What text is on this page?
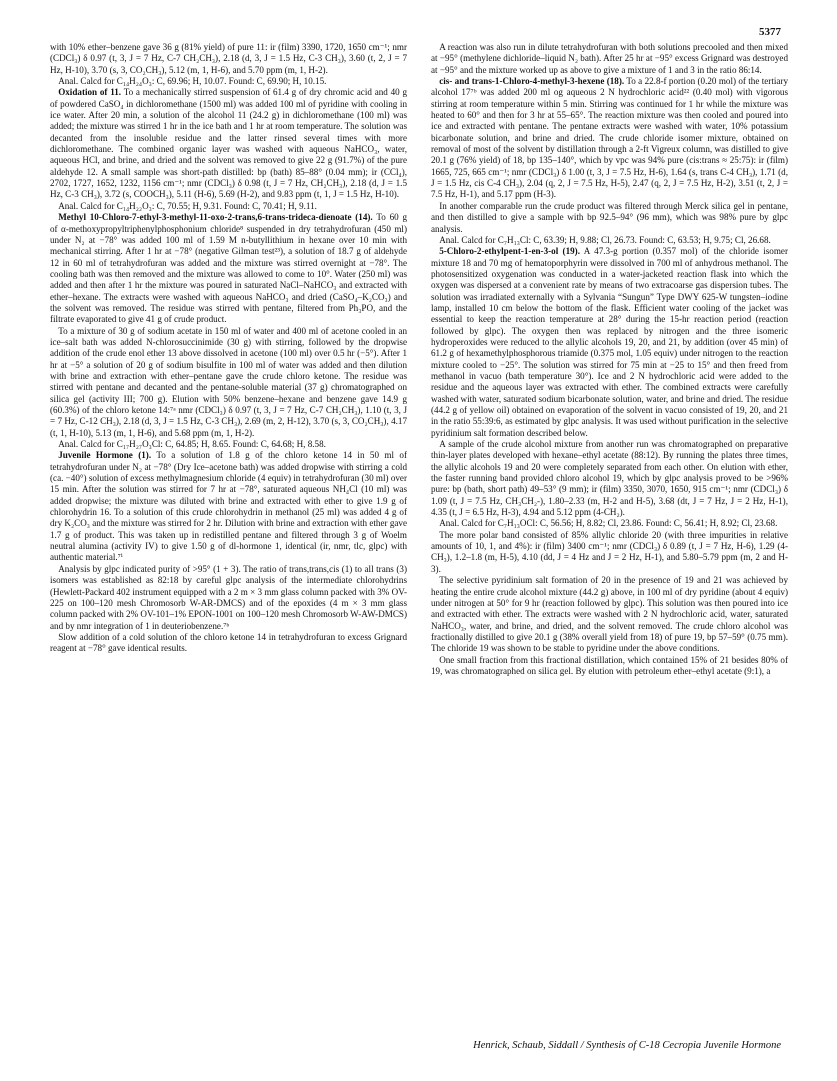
5377

with 10% ether–benzene gave 36 g (81% yield) of pure 11: ir (film) 3390, 1720, 1650 cm⁻¹; nmr (CDCl₃) δ 0.97 (t, 3, J = 7 Hz, C-7 CH₂CH₃), 2.18 (d, 3, J = 1.5 Hz, C-3 CH₃), 3.60 (t, 2, J = 7 Hz, H-10), 3.70 (s, 3, CO₂CH₃), 5.12 (m, 1, H-6), and 5.70 ppm (m, 1, H-2).

Anal. Calcd for C₁₄H₂₄O₃: C, 69.96; H, 10.07. Found: C, 69.90; H, 10.15.

Oxidation of 11. To a mechanically stirred suspension of 61.4 g of dry chromic acid and 40 g of powdered CaSO₄ in dichloromethane (1500 ml) was added 100 ml of pyridine with cooling in ice water. After 20 min, a solution of the alcohol 11 (24.2 g) in dichloromethane (100 ml) was added; the mixture was stirred 1 hr in the ice bath and 1 hr at room temperature. The solution was decanted from the insoluble residue and the latter rinsed several times with more dichloromethane. The combined organic layer was washed with aqueous NaHCO₃, water, aqueous HCl, and brine, and dried and the solvent was removed to give 22 g (91.7%) of the pure aldehyde 12. A small sample was short-path distilled: bp (bath) 85–88° (0.04 mm); ir (CCl₄), 2702, 1727, 1652, 1232, 1156 cm⁻¹; nmr (CDCl₃) δ 0.98 (t, J = 7 Hz, CH₂CH₃), 2.18 (d, J = 1.5 Hz, C-3 CH₃), 3.72 (s, COOCH₃), 5.11 (H-6), 5.69 (H-2), and 9.83 ppm (t, 1, J = 1.5 Hz, H-10).

Anal. Calcd for C₁₄H₂₂O₃: C, 70.55; H, 9.31. Found: C, 70.41; H, 9.11.

Methyl 10-Chloro-7-ethyl-3-methyl-11-oxo-2-trans,6-trans-trideca-dienoate (14). To 60 g of α-methoxypropyltriphenylphosphonium chloride⁸ suspended in dry tetrahydrofuran (450 ml) under N₂ at −78° was added 100 ml of 1.59 M n-butyllithium in hexane over 10 min with mechanical stirring. After 1 hr at −78° (negative Gilman test²³), a solution of 18.7 g of aldehyde 12 in 60 ml of tetrahydrofuran was added and the mixture was stirred overnight at −78°. The cooling bath was then removed and the mixture was allowed to come to 10°. Water (250 ml) was added and then after 1 hr the mixture was poured in saturated NaCl–NaHCO₃ and extracted with ether–hexane. The extracts were washed with aqueous NaHCO₃ and dried (CaSO₄–K₂CO₃) and the solvent was removed. The residue was stirred with pentane, filtered from Ph₃PO, and the filtrate evaporated to give 41 g of crude product.

To a mixture of 30 g of sodium acetate in 150 ml of water and 400 ml of acetone cooled in an ice–salt bath was added N-chlorosuccinimide (30 g) with stirring, followed by the dropwise addition of the crude enol ether 13 above dissolved in acetone (100 ml) over 0.5 hr (−5°). After 1 hr at −5° a solution of 20 g of sodium bisulfite in 100 ml of water was added and then dilution with brine and extraction with ether–pentane gave the crude chloro ketone. The residue was stirred with pentane and decanted and the pentane-soluble material (37 g) chromatographed on silica gel (activity III; 700 g). Elution with 50% benzene–hexane and benzene gave 14.9 g (60.3%) of the chloro ketone 14:⁷ᵃ nmr (CDCl₃) δ 0.97 (t, 3, J = 7 Hz, C-7 CH₂CH₃), 1.10 (t, 3, J = 7 Hz, C-12 CH₃), 2.18 (d, 3, J = 1.5 Hz, C-3 CH₃), 2.69 (m, 2, H-12), 3.70 (s, 3, CO₂CH₃), 4.17 (t, 1, H-10), 5.13 (m, 1, H-6), and 5.68 ppm (m, 1, H-2).

Anal. Calcd for C₁₇H₂₇O₃Cl: C, 64.85; H, 8.65. Found: C, 64.68; H, 8.58.

Juvenile Hormone (1). To a solution of 1.8 g of the chloro ketone 14 in 50 ml of tetrahydrofuran under N₂ at −78° (Dry Ice–acetone bath) was added dropwise with stirring a cold (ca. −40°) solution of excess methylmagnesium chloride (4 equiv) in tetrahydrofuran (30 ml) over 15 min. After the solution was stirred for 7 hr at −78°, saturated aqueous NH₄Cl (10 ml) was added dropwise; the mixture was diluted with brine and extracted with ether to give 1.9 g of chlorohydrin 16. To a solution of this crude chlorohydrin in methanol (25 ml) was added 4 g of dry K₂CO₃ and the mixture was stirred for 2 hr. Dilution with brine and extraction with ether gave 1.7 g of product. This was taken up in redistilled pentane and filtered through 3 g of Woelm neutral alumina (activity IV) to give 1.50 g of dl-hormone 1, identical (ir, nmr, tlc, glpc) with authentic material.⁷ⁱ

Analysis by glpc indicated purity of >95° (1 + 3). The ratio of trans,trans,cis (1) to all trans (3) isomers was established as 82:18 by careful glpc analysis of the intermediate chlorohydrins (Hewlett-Packard 402 instrument equipped with a 2 m × 3 mm glass column packed with 3% OV-225 on 100–120 mesh Chromosorb W-AR-DMCS) and of the epoxides (4 m × 3 mm glass column packed with 2% OV-101–1% EPON-1001 on 100–120 mesh Chromosorb W-AW-DMCS) and by nmr integration of 1 in deuteriobenzene.⁷ᵇ

Slow addition of a cold solution of the chloro ketone 14 in tetrahydrofuran to excess Grignard reagent at −78° gave identical results.

A reaction was also run in dilute tetrahydrofuran with both solutions precooled and then mixed at −95° (methylene dichloride–liquid N₂ bath). After 25 hr at −95° excess Grignard was destroyed at −95° and the mixture worked up as above to give a mixture of 1 and 3 in the ratio 86:14.

cis- and trans-1-Chloro-4-methyl-3-hexene (18). To a 22.8-f portion (0.20 mol) of the tertiary alcohol 17⁷ᵇ was added 200 ml og aqueous 2 N hydrochloric acid²² (0.40 mol) with vigorous stirring at room temperature within 5 min. Stirring was continued for 1 hr while the mixture was heated to 60° and then for 3 hr at 55–65°. The reaction mixture was then cooled and poured into ice and extracted with pentane. The pentane extracts were washed with water, 10% potassium bicarbonate solution, and brine and dried. The crude chloride isomer mixture, obtained on removal of most of the solvent by distillation through a 2-ft Vigreux column, was distilled to give 20.1 g (76% yield) of 18, bp 135–140°, which by vpc was 94% pure (cis:trans ≈ 25:75): ir (film) 1665, 725, 665 cm⁻¹; nmr (CDCl₃) δ 1.00 (t, 3, J = 7.5 Hz, H-6), 1.64 (s, trans C-4 CH₃), 1.71 (d, J = 1.5 Hz, cis C-4 CH₃), 2.04 (q, 2, J = 7.5 Hz, H-5), 2.47 (q, 2, J = 7.5 Hz, H-2), 3.51 (t, 2, J = 7.5 Hz, H-1), and 5.17 ppm (H-3).

In another comparable run the crude product was filtered through Merck silica gel in pentane, and then distilled to give a sample with bp 92.5–94° (96 mm), which was 98% pure by glpc analysis.

Anal. Calcd for C₇H₁₃Cl: C, 63.39; H, 9.88; Cl, 26.73. Found: C, 63.53; H, 9.75; Cl, 26.68.

5-Chloro-2-ethylpent-1-en-3-ol (19). A 47.3-g portion (0.357 mol) of the chloride isomer mixture 18 and 70 mg of hematoporphyrin were dissolved in 700 ml of anhydrous methanol. The photosensitized oxygenation was conducted in a water-jacketed reaction flask into which the oxygen was dispersed at a convenient rate by means of two extracoarse gas dispersion tubes. The solution was irradiated externally with a Sylvania “Sungun” Type DWY 625-W tungsten–iodine lamp, installed 10 cm below the bottom of the flask. Efficient water cooling of the jacket was essential to keep the reaction temperature at 28° during the 15-hr reaction period (reaction followed by glpc). The oxygen then was replaced by nitrogen and the three isomeric hydroperoxides were reduced to the allylic alcohols 19, 20, and 21, by addition (over 45 min) of 61.2 g of hexamethylphosphorous triamide (0.375 mol, 1.05 equiv) under nitrogen to the reaction mixture cooled to −25°. The solution was stirred for 75 min at −25 to 15° and then freed from methanol in vacuo (bath temperature 30°). Ice and 2 N hydrochloric acid were added to the residue and the aqueous layer was extracted with ether. The combined extracts were carefully washed with water, saturated sodium bicarbonate solution, water, and brine and dried. The residue (44.2 g of yellow oil) obtained on evaporation of the solvent in vacuo consisted of 19, 20, and 21 in the ratio 55:39:6, as estimated by glpc analysis. It was used without purification in the selective pyridinium salt formation described below.

A sample of the crude alcohol mixture from another run was chromatographed on preparative thin-layer plates developed with hexane–ethyl acetate (88:12). By running the plates three times, the allylic alcohols 19 and 20 were completely separated from each other. On elution with ether, the faster running band provided chloro alcohol 19, which by glpc analysis proved to be >96% pure: bp (bath, short path) 49–53° (9 mm); ir (film) 3350, 3070, 1650, 915 cm⁻¹; nmr (CDCl₃) δ 1.09 (t, J = 7.5 Hz, CH₃CH₂-), 1.80–2.33 (m, H-2 and H-5), 3.68 (dt, J = 7 Hz, J = 2 Hz, H-1), 4.35 (t, J = 6.5 Hz, H-3), 4.94 and 5.12 ppm (4-CH₂).

Anal. Calcd for C₇H₁₃OCl: C, 56.56; H, 8.82; Cl, 23.86. Found: C, 56.41; H, 8.92; Cl, 23.68.

The more polar band consisted of 85% allylic chloride 20 (with three impurities in relative amounts of 10, 1, and 4%): ir (film) 3400 cm⁻¹; nmr (CDCl₃) δ 0.89 (t, J = 7 Hz, H-6), 1.29 (4-CH₃), 1.2–1.8 (m, H-5), 4.10 (dd, J = 4 Hz and J = 2 Hz, H-1), and 5.80–5.79 ppm (m, 2 and H-3).

The selective pyridinium salt formation of 20 in the presence of 19 and 21 was achieved by heating the entire crude alcohol mixture (44.2 g) above, in 100 ml of dry pyridine (about 4 equiv) under nitrogen at 50° for 9 hr (reaction followed by glpc). This solution was then poured into ice and extracted with ether. The extracts were washed with 2 N hydrochloric acid, water, saturated NaHCO₃, water, and brine, and dried, and the solvent removed. The crude chloro alcohol was fractionally distilled to give 20.1 g (38% overall yield from 18) of pure 19, bp 57–59° (0.75 mm). The chloride 19 was shown to be stable to pyridine under the above conditions.

One small fraction from this fractional distillation, which contained 15% of 21 besides 80% of 19, was chromatographed on silica gel. By elution with petroleum ether–ethyl acetate (9:1), a

Henrick, Schaub, Siddall / Synthesis of C-18 Cecropia Juvenile Hormone
